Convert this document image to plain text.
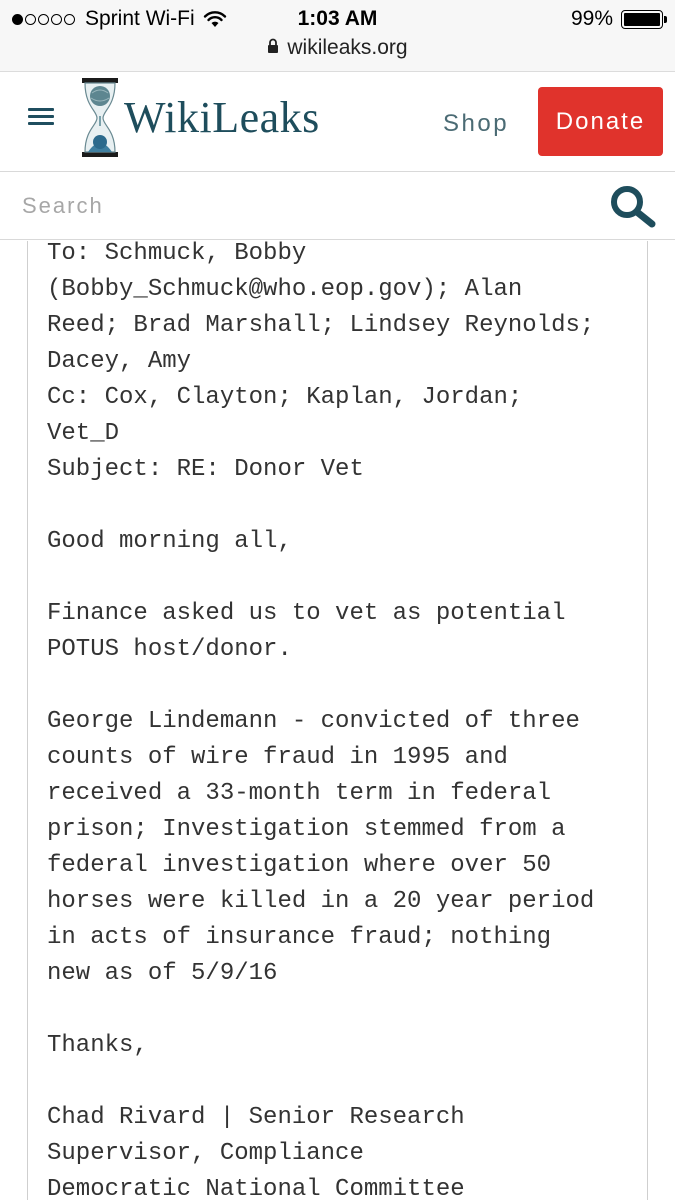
Sprint Wi-Fi	1:03 AM	99%
wikileaks.org
WikiLeaks	Shop	Donate
Search
To: Schmuck, Bobby
(Bobby_Schmuck@who.eop.gov); Alan
Reed; Brad Marshall; Lindsey Reynolds;
Dacey, Amy
Cc: Cox, Clayton; Kaplan, Jordan;
Vet_D
Subject: RE: Donor Vet
Good morning all,
Finance asked us to vet as potential
POTUS host/donor.
George Lindemann - convicted of three
counts of wire fraud in 1995 and
received a 33-month term in federal
prison; Investigation stemmed from a
federal investigation where over 50
horses were killed in a 20 year period
in acts of insurance fraud; nothing
new as of 5/9/16
Thanks,
Chad Rivard | Senior Research
Supervisor, Compliance
Democratic National Committee
